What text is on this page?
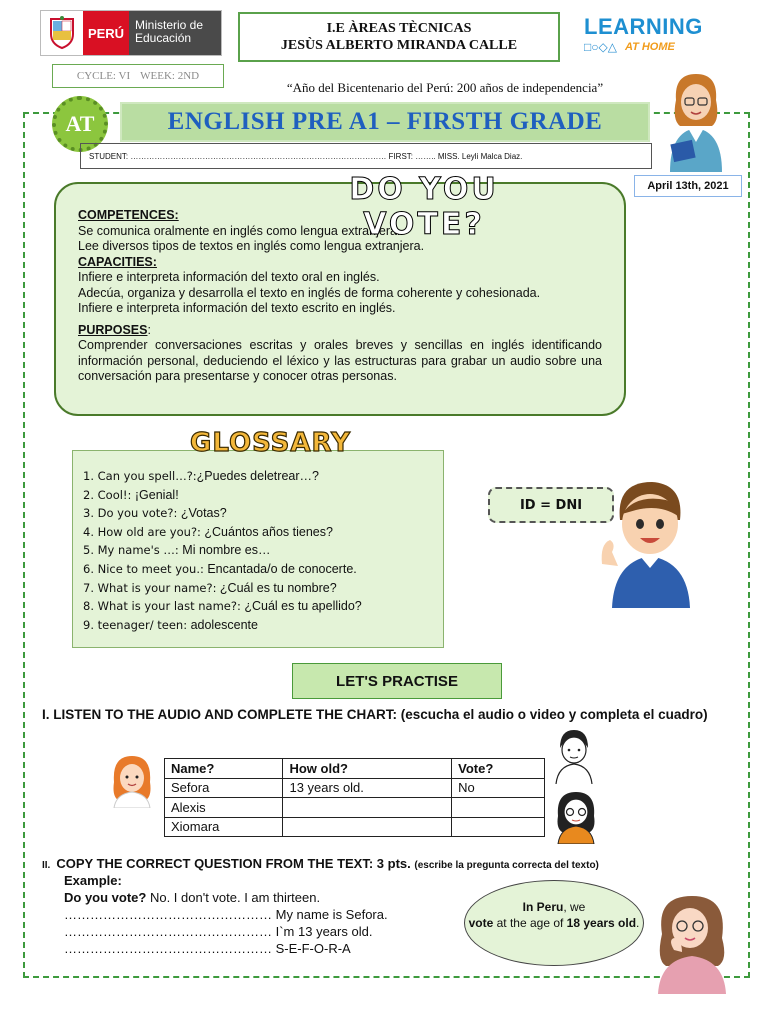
PERÚ
Ministerio de Educación
I.E ÀREAS TÈCNICAS
JESÙS ALBERTO MIRANDA CALLE
LEARNING
□○◇△ AT HOME
CYCLE: VI WEEK: 2ND
“Año del Bicentenario del Perú: 200 años de independencia”
AT	ENGLISH PRE A1 – FIRSTH GRADE
STUDENT: …………………………………………………………………………………… FIRST: …….. MISS. Leyli Malca Diaz.
April 13th, 2021
COMPETENCES:
Se comunica oralmente en inglés como lengua extranjera.
Lee diversos tipos de textos en inglés como lengua extranjera.
CAPACITIES:
Infiere e interpreta información del texto oral en inglés.
Adecúa, organiza y desarrolla el texto en inglés de forma coherente y cohesionada.
Infiere e interpreta información del texto escrito en inglés.
PURPOSES:
Comprender conversaciones escritas y orales breves y sencillas en inglés identificando información personal, deduciendo el léxico y las estructuras para grabar un audio sobre una conversación para presentarse y conocer otras personas.
DO YOU VOTE?
1. Can you spell…?:¿Puedes deletrear…?
2. Cool!: ¡Genial!
3. Do you vote?: ¿Votas?
4. How old are you?: ¿Cuántos años tienes?
5. My name's …: Mi nombre es…
6. Nice to meet you.: Encantada/o de conocerte.
7. What is your name?: ¿Cuál es tu nombre?
8. What is your last name?: ¿Cuál es tu apellido?
9. teenager/ teen: adolescente
GLOSSARY
ID = DNI
LET'S PRACTISE
I. LISTEN TO THE AUDIO AND COMPLETE THE CHART: (escucha el audio o video y completa el cuadro)
Name?	How old?	Vote?
Sefora	13 years old.	No
Alexis		
Xiomara		
II. COPY THE CORRECT QUESTION FROM THE TEXT: 3 pts. (escribe la pregunta correcta del texto)
Example:
Do you vote? No. I don't vote. I am thirteen.
………………………………………… My name is Sefora.
………………………………………… I`m 13 years old.
………………………………………… S-E-F-O-R-A
In Peru, we
vote at the age of 18 years old.
